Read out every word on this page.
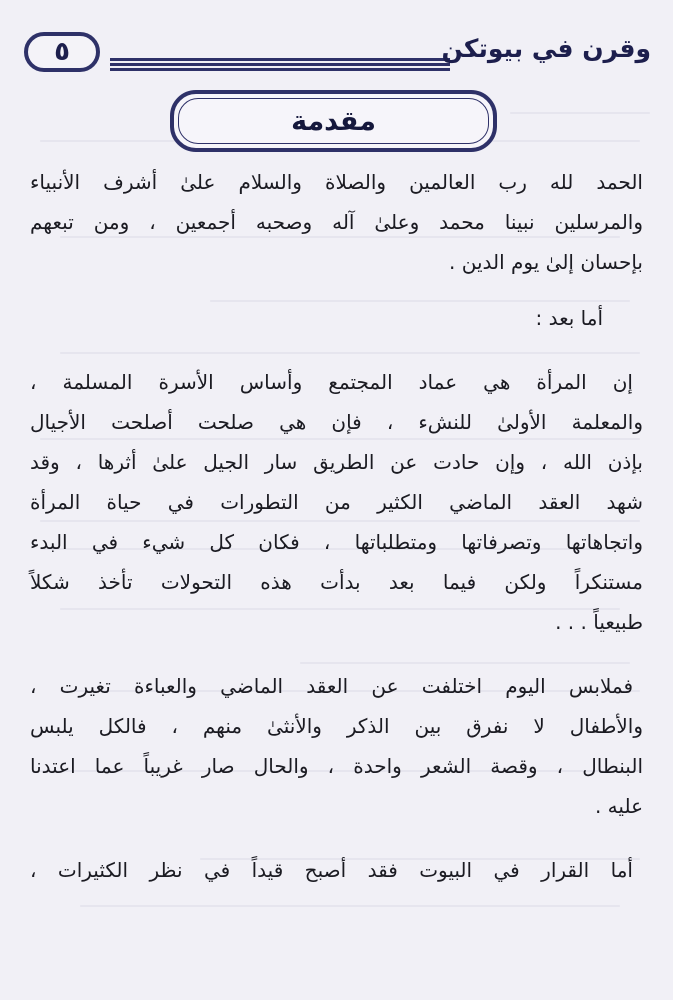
٥	وقرن في بيوتكن
مقدمة

الحمد لله رب العالمين والصلاة والسلام علىٰ أشرف الأنبياء
والمرسلين نبينا محمد وعلىٰ آله وصحبه أجمعين ، ومن تبعهم
بإحسان إلىٰ يوم الدين .

أما بعد :

إن المرأة هي عماد المجتمع وأساس الأسرة المسلمة ،
والمعلمة الأولىٰ للنشء ، فإن هي صلحت أصلحت الأجيال
بإذن الله ، وإن حادت عن الطريق سار الجيل علىٰ أثرها ، وقد
شهد العقد الماضي الكثير من التطورات في حياة المرأة
واتجاهاتها وتصرفاتها ومتطلباتها ، فكان كل شيء في البدء
مستنكراً ولكن فيما بعد بدأت هذه التحولات تأخذ شكلاً
طبيعياً . . .

فملابس اليوم اختلفت عن العقد الماضي والعباءة تغيرت ،
والأطفال لا نفرق بين الذكر والأنثىٰ منهم ، فالكل يلبس
البنطال ، وقصة الشعر واحدة ، والحال صار غريباً عما اعتدنا
عليه .

أما القرار في البيوت فقد أصبح قيداً في نظر الكثيرات ،
